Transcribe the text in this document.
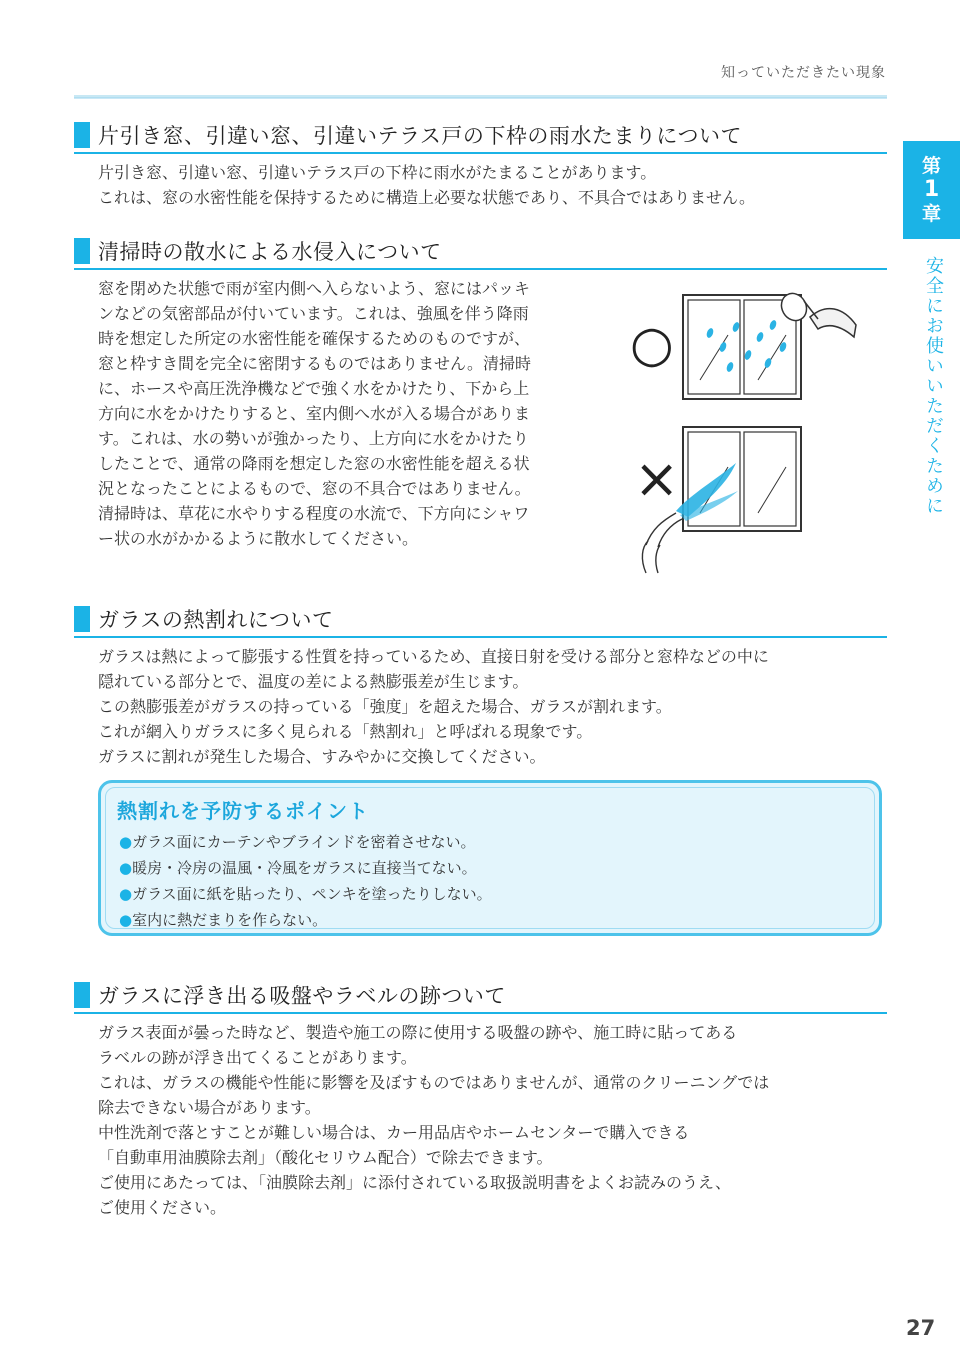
知っていただきたい現象
第
1
章
安全にお使いいただくために
片引き窓、引違い窓、引違いテラス戸の下枠の雨水たまりについて
片引き窓、引違い窓、引違いテラス戸の下枠に雨水がたまることがあります。
これは、窓の水密性能を保持するために構造上必要な状態であり、不具合ではありません。
清掃時の散水による水侵入について
窓を閉めた状態で雨が室内側へ入らないよう、窓にはパッキ
ンなどの気密部品が付いています。これは、強風を伴う降雨
時を想定した所定の水密性能を確保するためのものですが、
窓と枠すき間を完全に密閉するものではありません。清掃時
に、ホースや高圧洗浄機などで強く水をかけたり、下から上
方向に水をかけたりすると、室内側へ水が入る場合がありま
す。これは、水の勢いが強かったり、上方向に水をかけたり
したことで、通常の降雨を想定した窓の水密性能を超える状
況となったことによるもので、窓の不具合ではありません。
清掃時は、草花に水やりする程度の水流で、下方向にシャワ
ー状の水がかかるように散水してください。
○
×
ガラスの熱割れについて
ガラスは熱によって膨張する性質を持っているため、直接日射を受ける部分と窓枠などの中に
隠れている部分とで、温度の差による熱膨張差が生じます。
この熱膨張差がガラスの持っている「強度」を超えた場合、ガラスが割れます。
これが網入りガラスに多く見られる「熱割れ」と呼ばれる現象です。
ガラスに割れが発生した場合、すみやかに交換してください。
熱割れを予防するポイント
●ガラス面にカーテンやブラインドを密着させない。
●暖房・冷房の温風・冷風をガラスに直接当てない。
●ガラス面に紙を貼ったり、ペンキを塗ったりしない。
●室内に熱だまりを作らない。
ガラスに浮き出る吸盤やラベルの跡ついて
ガラス表面が曇った時など、製造や施工の際に使用する吸盤の跡や、施工時に貼ってある
ラベルの跡が浮き出てくることがあります。
これは、ガラスの機能や性能に影響を及ぼすものではありませんが、通常のクリーニングでは
除去できない場合があります。
中性洗剤で落とすことが難しい場合は、カー用品店やホームセンターで購入できる
「自動車用油膜除去剤」（酸化セリウム配合）で除去できます。
ご使用にあたっては、「油膜除去剤」に添付されている取扱説明書をよくお読みのうえ、
ご使用ください。
27
